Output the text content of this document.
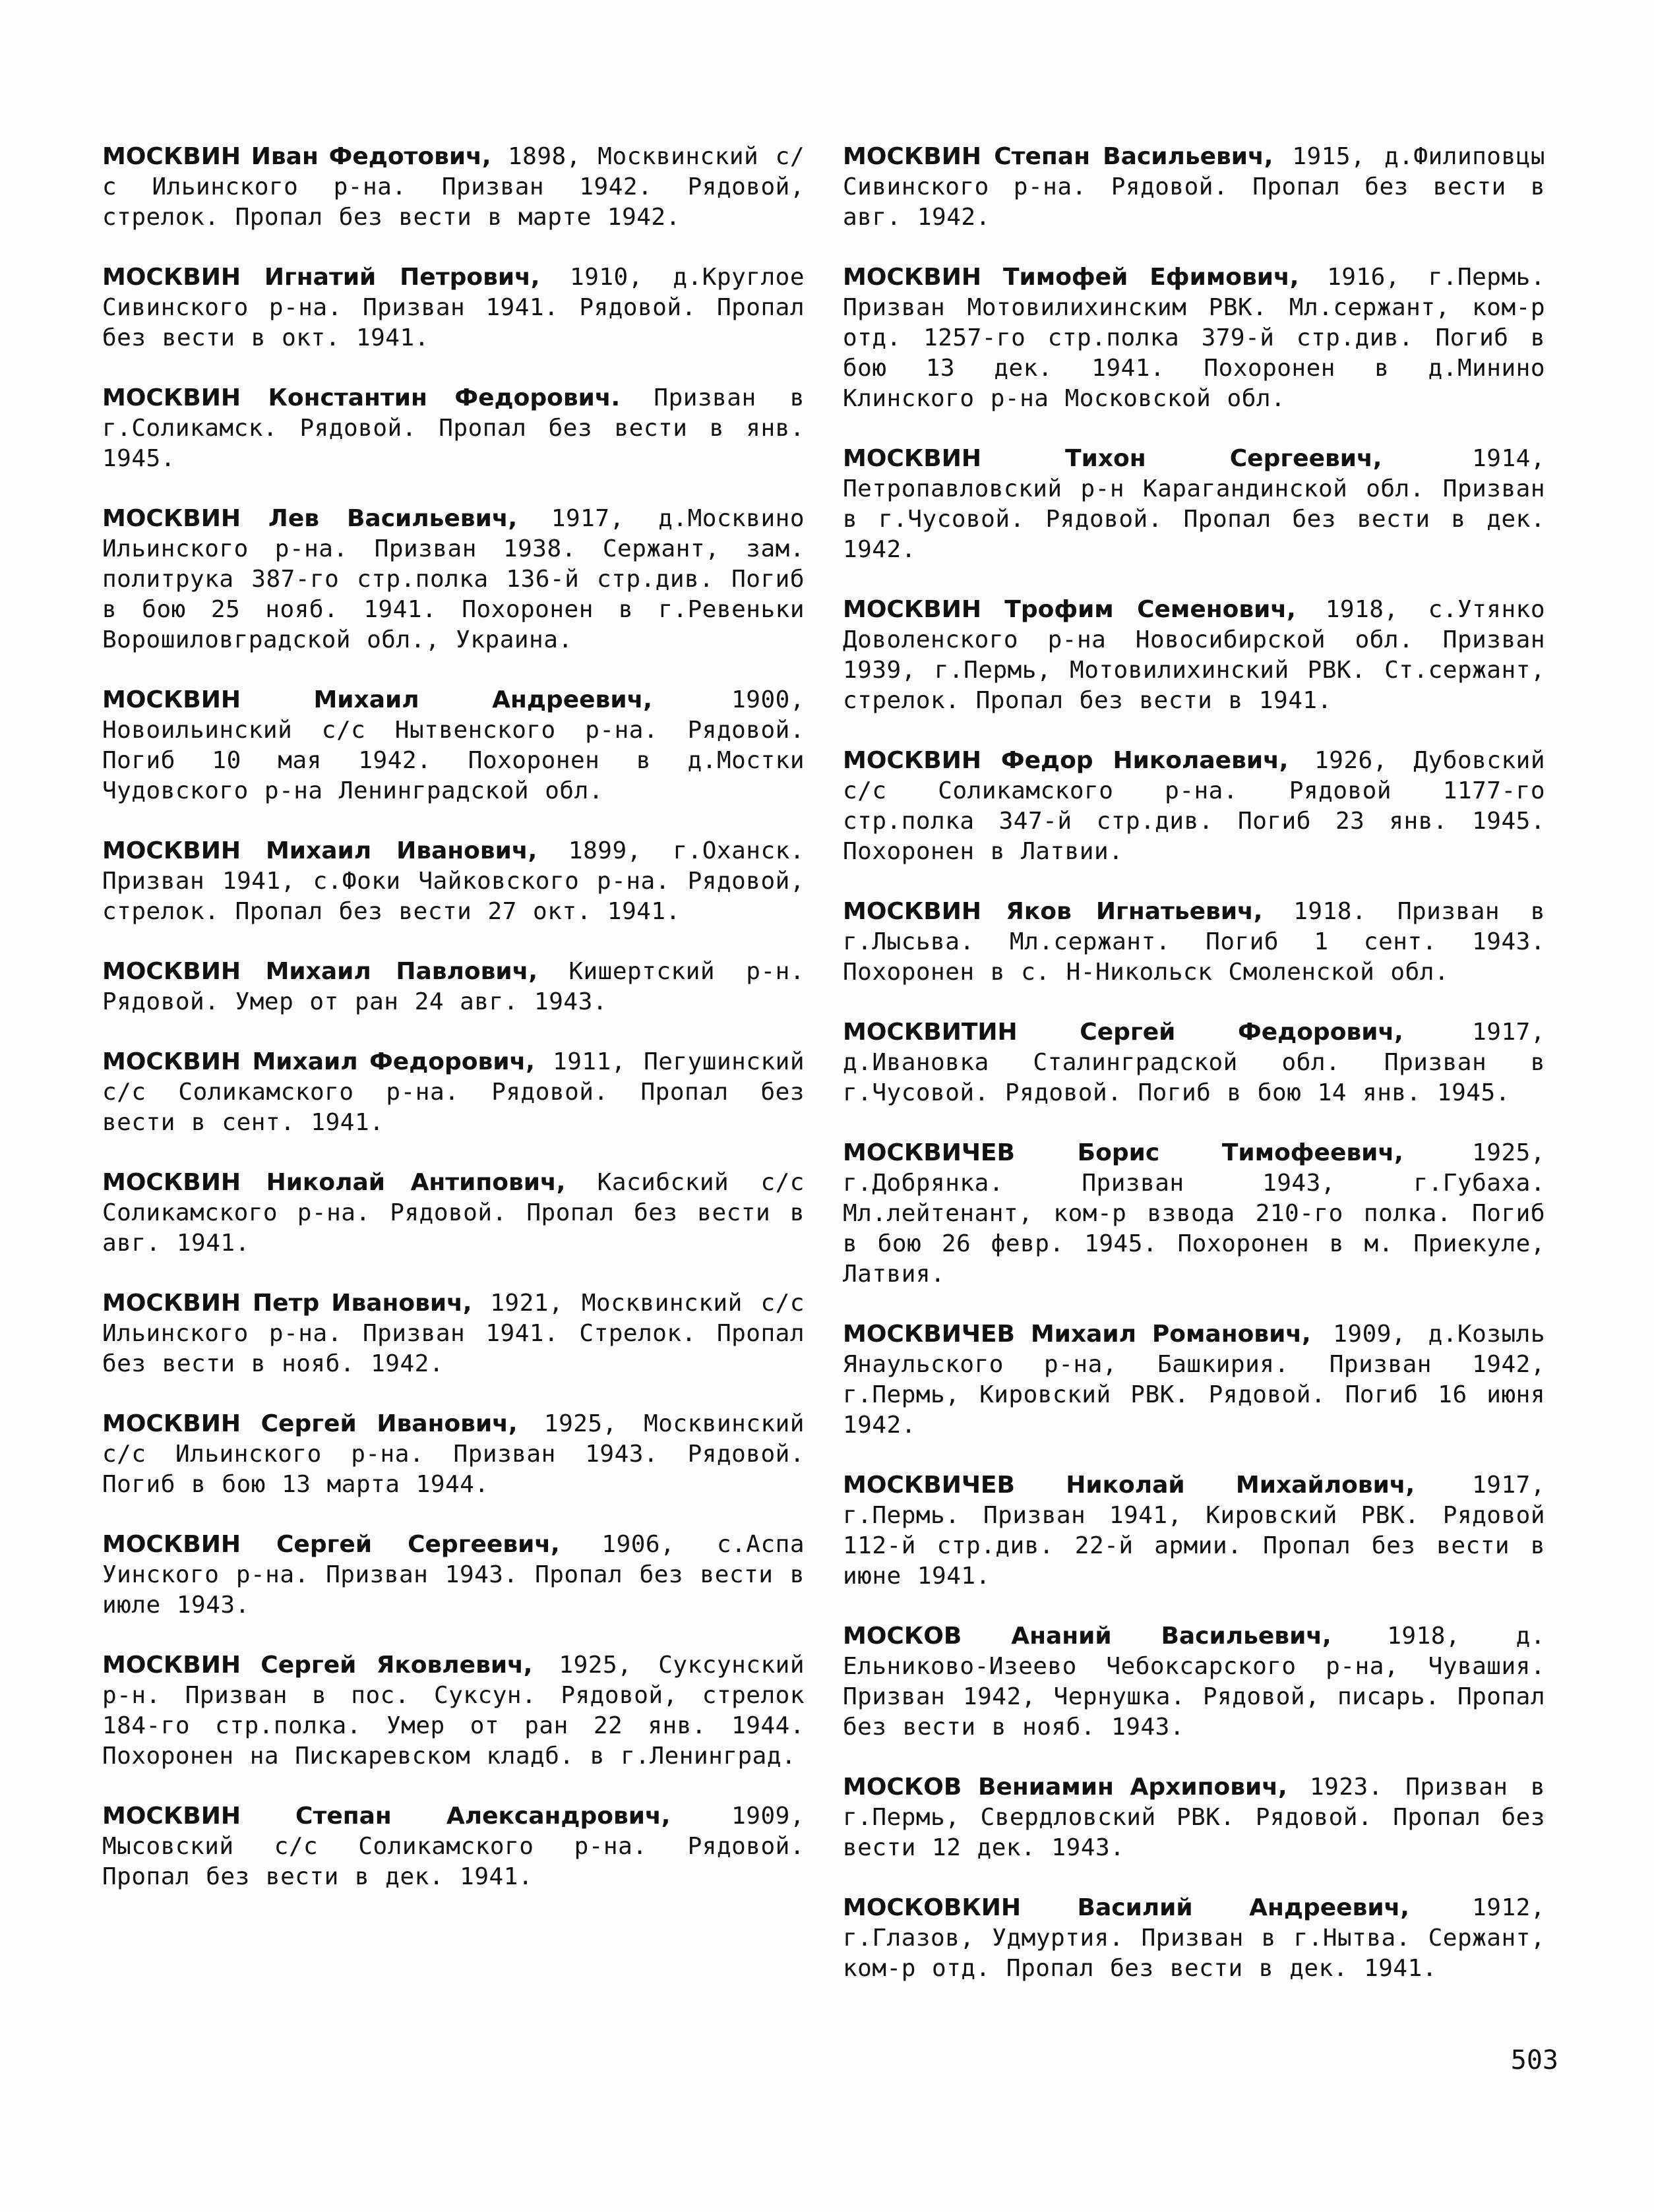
МОСКВИН Иван Федотович, 1898, Москвинский с/с Ильинского р-на. Призван 1942. Рядовой, стрелок. Пропал без вести в марте 1942.

МОСКВИН Игнатий Петрович, 1910, д.Круглое Сивинского р-на. Призван 1941. Рядовой. Пропал без вести в окт. 1941.

МОСКВИН Константин Федорович. Призван в г.Соликамск. Рядовой. Пропал без вести в янв. 1945.

МОСКВИН Лев Васильевич, 1917, д.Москвино Ильинского р-на. Призван 1938. Сержант, зам. политрука 387-го стр.полка 136-й стр.див. Погиб в бою 25 нояб. 1941. Похоронен в г.Ревеньки Ворошиловградской обл., Украина.

МОСКВИН Михаил Андреевич,	1900, Новоильинский с/с Нытвенского р-на. Рядовой. Погиб 10 мая 1942. Похоронен в д.Мостки Чудовского р-на Ленинградской обл.

МОСКВИН Михаил Иванович, 1899, г.Оханск. Призван 1941, с.Фоки Чайковского р-на. Рядовой, стрелок. Пропал без вести 27 окт. 1941.

МОСКВИН Михаил Павлович, Кишертский р-н. Рядовой. Умер от ран 24 авг. 1943.

МОСКВИН Михаил Федорович, 1911, Пегушинский с/с Соликамского р-на. Рядовой. Пропал без вести в сент. 1941.

МОСКВИН Николай Антипович, Касибский с/с Соликамского р-на. Рядовой. Пропал без вести в авг. 1941.

МОСКВИН Петр Иванович, 1921, Москвинский с/с Ильинского р-на. Призван 1941. Стрелок. Пропал без вести в нояб. 1942.

МОСКВИН Сергей Иванович, 1925, Москвинский с/с Ильинского р-на. Призван 1943. Рядовой. Погиб в бою 13 марта 1944.

МОСКВИН Сергей Сергеевич, 1906, с.Аспа Уинского р-на. Призван 1943. Пропал без вести в июле 1943.

МОСКВИН Сергей Яковлевич, 1925, Суксунский р-н. Призван в пос. Суксун. Рядовой, стрелок 184-го стр.полка. Умер от ран 22 янв. 1944. Похоронен на Пискаревском кладб. в г.Ленинград.

МОСКВИН Степан Александрович,	1909, Мысовский с/с Соликамского р-на. Рядовой. Пропал без вести в дек. 1941.

МОСКВИН Степан Васильевич, 1915, д.Филиповцы Сивинского р-на. Рядовой. Пропал без вести в авг. 1942.

МОСКВИН Тимофей Ефимович, 1916, г.Пермь. Призван Мотовилихинским РВК. Мл.сержант, ком-р отд. 1257-го стр.полка 379-й стр.див. Погиб в бою 13 дек. 1941. Похоронен в д.Минино Клинского р-на Московской обл.

МОСКВИН Тихон Сергеевич,	1914, Петропавловский р-н Карагандинской обл. Призван в г.Чусовой. Рядовой. Пропал без вести в дек. 1942.

МОСКВИН Трофим Семенович, 1918, с.Утянко Доволенского р-на Новосибирской обл. Призван 1939, г.Пермь, Мотовилихинский РВК. Ст.сержант, стрелок. Пропал без вести в 1941.

МОСКВИН Федор Николаевич, 1926, Дубовский с/с Соликамского р-на. Рядовой 1177-го стр.полка 347-й стр.див. Погиб 23 янв. 1945. Похоронен в Латвии.

МОСКВИН Яков Игнатьевич, 1918. Призван в г.Лысьва. Мл.сержант. Погиб 1 сент. 1943. Похоронен в с. Н-Никольск Смоленской обл.

МОСКВИТИН Сергей Федорович,	1917, д.Ивановка Сталинградской обл. Призван в г.Чусовой. Рядовой. Погиб в бою 14 янв. 1945.

МОСКВИЧЕВ Борис Тимофеевич,	1925, г.Добрянка. Призван 1943, г.Губаха. Мл.лейтенант, ком-р взвода 210-го полка. Погиб в бою 26 февр. 1945. Похоронен в м. Приекуле, Латвия.

МОСКВИЧЕВ Михаил Романович, 1909, д.Козыль Янаульского р-на, Башкирия. Призван 1942, г.Пермь, Кировский РВК. Рядовой. Погиб 16 июня 1942.

МОСКВИЧЕВ Николай Михайлович, 1917, г.Пермь. Призван 1941, Кировский РВК. Рядовой 112-й стр.див. 22-й армии. Пропал без вести в июне 1941.

МОСКОВ Ананий Васильевич, 1918, д. Ельниково-Изеево Чебоксарского р-на, Чувашия. Призван 1942, Чернушка. Рядовой, писарь. Пропал без вести в нояб. 1943.

МОСКОВ Вениамин Архипович, 1923. Призван в г.Пермь, Свердловский РВК. Рядовой. Пропал без вести 12 дек. 1943.

МОСКОВКИН Василий Андреевич,	1912, г.Глазов, Удмуртия. Призван в г.Нытва. Сержант, ком-р отд. Пропал без вести в дек. 1941.

503
